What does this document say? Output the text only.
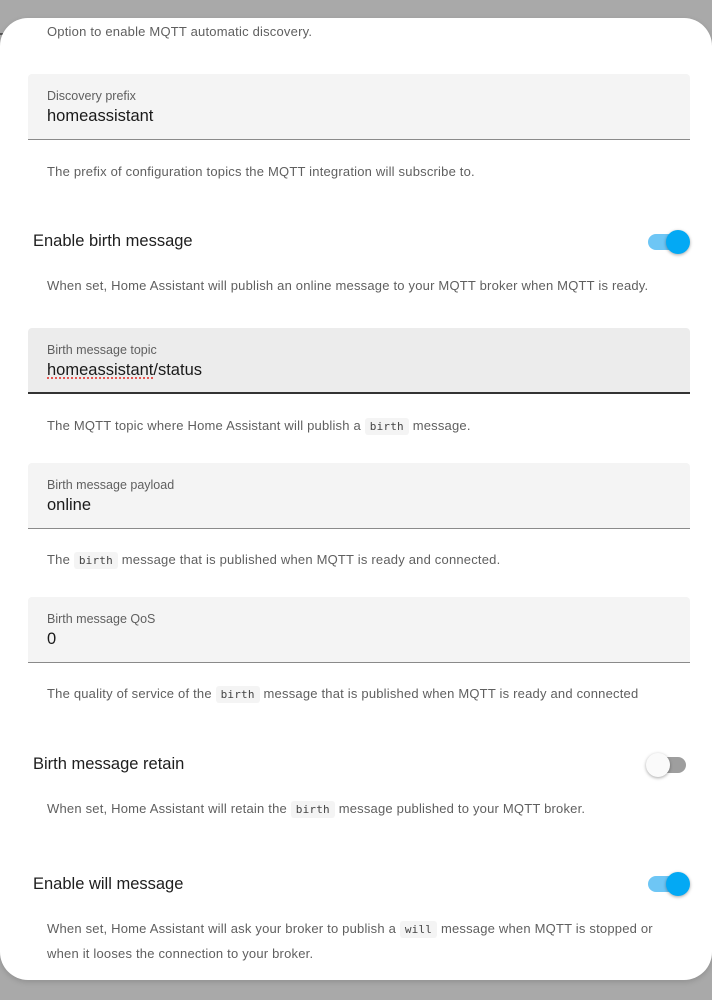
Option to enable MQTT automatic discovery.
Discovery prefix
homeassistant
The prefix of configuration topics the MQTT integration will subscribe to.
Enable birth message
When set, Home Assistant will publish an online message to your MQTT broker when MQTT is ready.
Birth message topic
homeassistant/status
The MQTT topic where Home Assistant will publish a birth message.
Birth message payload
online
The birth message that is published when MQTT is ready and connected.
Birth message QoS
0
The quality of service of the birth message that is published when MQTT is ready and connected
Birth message retain
When set, Home Assistant will retain the birth message published to your MQTT broker.
Enable will message
When set, Home Assistant will ask your broker to publish a will message when MQTT is stopped or when it looses the connection to your broker.
